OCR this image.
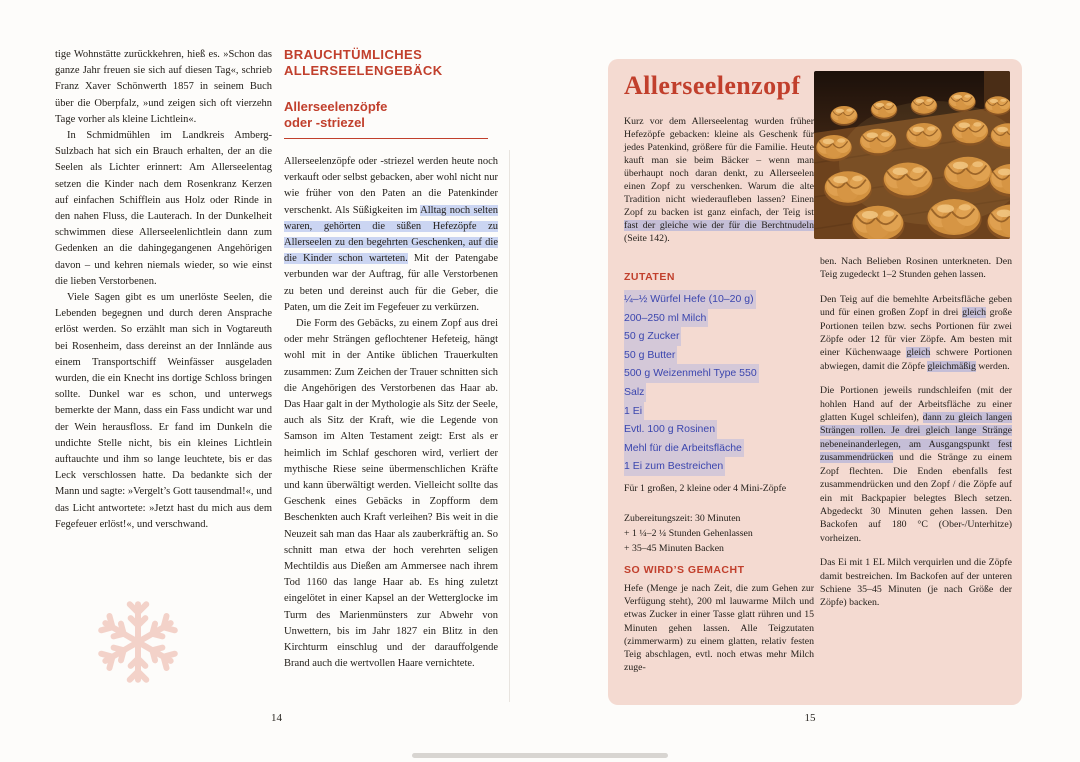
tige Wohnstätte zurückkehren, hieß es. »Schon das ganze Jahr freuen sie sich auf diesen Tag«, schrieb Franz Xaver Schönwerth 1857 in seinem Buch über die Oberpfalz, »und zeigen sich oft vierzehn Tage vorher als kleine Lichtlein«.

In Schmidmühlen im Landkreis Amberg-Sulzbach hat sich ein Brauch erhalten, der an die Seelen als Lichter erinnert: Am Allerseelentag setzen die Kinder nach dem Rosenkranz Kerzen auf einfachen Schifflein aus Holz oder Rinde in den nahen Fluss, die Lauterach. In der Dunkelheit schwimmen diese Allerseelenlichtlein dann zum Gedenken an die dahingegangenen Angehörigen davon – und kehren niemals wieder, so wie einst die lieben Verstorbenen.

Viele Sagen gibt es um unerlöste Seelen, die Lebenden begegnen und durch deren Ansprache erlöst werden. So erzählt man sich in Vogtareuth bei Rosenheim, dass dereinst an der Innlände aus einem Transportschiff Weinfässer ausgeladen wurden, die ein Knecht ins dortige Schloss bringen sollte. Dunkel war es schon, und unterwegs bemerkte der Mann, dass ein Fass undicht war und der Wein herausfloss. Er fand im Dunkeln die undichte Stelle nicht, bis ein kleines Lichtlein auftauchte und ihm so lange leuchtete, bis er das Leck verschlossen hatte. Da bedankte sich der Mann und sagte: »Vergelt’s Gott tausendmal!«, und das Licht antwortete: »Jetzt hast du mich aus dem Fegefeuer erlöst!«, und verschwand.

BRAUCHTÜMLICHES
ALLERSEELENGEBÄCK
Allerseelenzöpfe
oder -striezel

Allerseelenzöpfe oder -striezel werden heute noch verkauft oder selbst gebacken, aber wohl nicht nur wie früher von den Paten an die Patenkinder verschenkt. Als Süßigkeiten im Alltag noch selten waren, gehörten die süßen Hefezöpfe zu Allerseelen zu den begehrten Geschenken, auf die die Kinder schon warteten. Mit der Patengabe verbunden war der Auftrag, für alle Verstorbenen zu beten und dereinst auch für die Geber, die Paten, um die Zeit im Fegefeuer zu verkürzen.

Die Form des Gebäcks, zu einem Zopf aus drei oder mehr Strängen geflochtener Hefeteig, hängt wohl mit in der Antike üblichen Trauerkulten zusammen: Zum Zeichen der Trauer schnitten sich die Angehörigen des Verstorbenen das Haar ab. Das Haar galt in der Mythologie als Sitz der Seele, auch als Sitz der Kraft, wie die Legende von Samson im Alten Testament zeigt: Erst als er heimlich im Schlaf geschoren wird, verliert der mythische Riese seine übermenschlichen Kräfte und kann überwältigt werden. Vielleicht sollte das Geschenk eines Gebäcks in Zopfform dem Beschenkten auch Kraft verleihen? Bis weit in die Neuzeit sah man das Haar als zauberkräftig an. So schnitt man etwa der hoch verehrten seligen Mechtildis aus Dießen am Ammersee nach ihrem Tod 1160 das lange Haar ab. Es hing zuletzt eingelötet in einer Kapsel an der Wetterglocke im Turm des Marienmünsters zur Abwehr von Unwettern, bis im Jahr 1827 ein Blitz in den Kirchturm einschlug und der darauffolgende Brand auch die wertvollen Haare vernichtete.

14
Allerseelenzopf

Kurz vor dem Allerseelentag wurden früher Hefezöpfe gebacken: kleine als Geschenk für jedes Patenkind, größere für die Familie. Heute kauft man sie beim Bäcker – wenn man überhaupt noch daran denkt, zu Allerseelen einen Zopf zu verschenken. Warum die alte Tradition nicht wiederaufleben lassen? Einen Zopf zu backen ist ganz einfach, der Teig ist fast der gleiche wie der für die Berchtnudeln (Seite 142).

ZUTATEN
¼–½ Würfel Hefe (10–20 g)
200–250 ml Milch
50 g Zucker
50 g Butter
500 g Weizenmehl Type 550
Salz
1 Ei
Evtl. 100 g Rosinen
Mehl für die Arbeitsfläche
1 Ei zum Bestreichen

Für 1 großen, 2 kleine oder 4 Mini-Zöpfe

Zubereitungszeit: 30 Minuten
+ 1 ¼–2 ¼ Stunden Gehenlassen
+ 35–45 Minuten Backen
SO WIRD’S GEMACHT

Hefe (Menge je nach Zeit, die zum Gehen zur Verfügung steht), 200 ml lauwarme Milch und etwas Zucker in einer Tasse glatt rühren und 15 Minuten gehen lassen. Alle Teigzutaten (zimmerwarm) zu einem glatten, relativ festen Teig abschlagen, evtl. noch etwas mehr Milch zuge-

ben. Nach Belieben Rosinen unterkneten. Den Teig zugedeckt 1–2 Stunden gehen lassen.

Den Teig auf die bemehlte Arbeitsfläche geben und für einen großen Zopf in drei gleich große Portionen teilen bzw. sechs Portionen für zwei Zöpfe oder 12 für vier Zöpfe. Am besten mit einer Küchenwaage gleich schwere Portionen abwiegen, damit die Zöpfe gleichmäßig werden.

Die Portionen jeweils rundschleifen (mit der hohlen Hand auf der Arbeitsfläche zu einer glatten Kugel schleifen), dann zu gleich langen Strängen rollen. Je drei gleich lange Stränge nebeneinanderlegen, am Ausgangspunkt fest zusammendrücken und die Stränge zu einem Zopf flechten. Die Enden ebenfalls fest zusammendrücken und den Zopf / die Zöpfe auf ein mit Backpapier belegtes Blech setzen. Abgedeckt 30 Minuten gehen lassen. Den Backofen auf 180 °C (Ober-/Unterhitze) vorheizen.

Das Ei mit 1 EL Milch verquirlen und die Zöpfe damit bestreichen. Im Backofen auf der unteren Schiene 35–45 Minuten (je nach Größe der Zöpfe) backen.

15
